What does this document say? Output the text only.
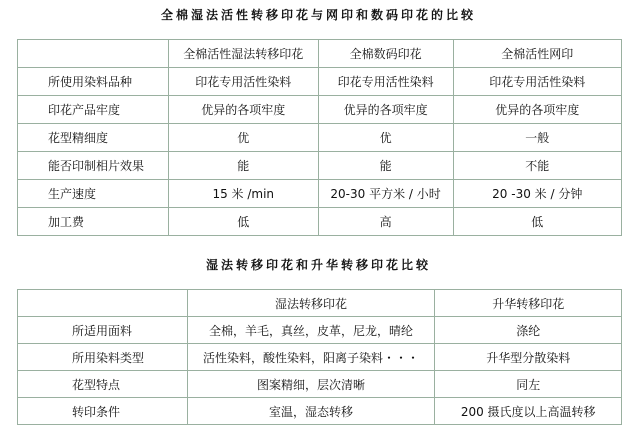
全棉湿法活性转移印花与网印和数码印花的比较
	全棉活性湿法转移印花	全棉数码印花	全棉活性网印
所使用染料品种	印花专用活性染料	印花专用活性染料	印花专用活性染料
印花产品牢度	优异的各项牢度	优异的各项牢度	优异的各项牢度
花型精细度	优	优	一般
能否印制相片效果	能	能	不能
生产速度	15 米 /min	20-30 平方米 / 小时	20 -30 米 / 分钟
加工费	低	高	低
湿法转移印花和升华转移印花比较
	湿法转移印花	升华转移印花
所适用面料	全棉，羊毛，真丝，皮革，尼龙，晴纶	涤纶
所用染料类型	活性染料，酸性染料，阳离子染料・・・	升华型分散染料
花型特点	图案精细，层次清晰	同左
转印条件	室温，湿态转移	200 摄氏度以上高温转移
